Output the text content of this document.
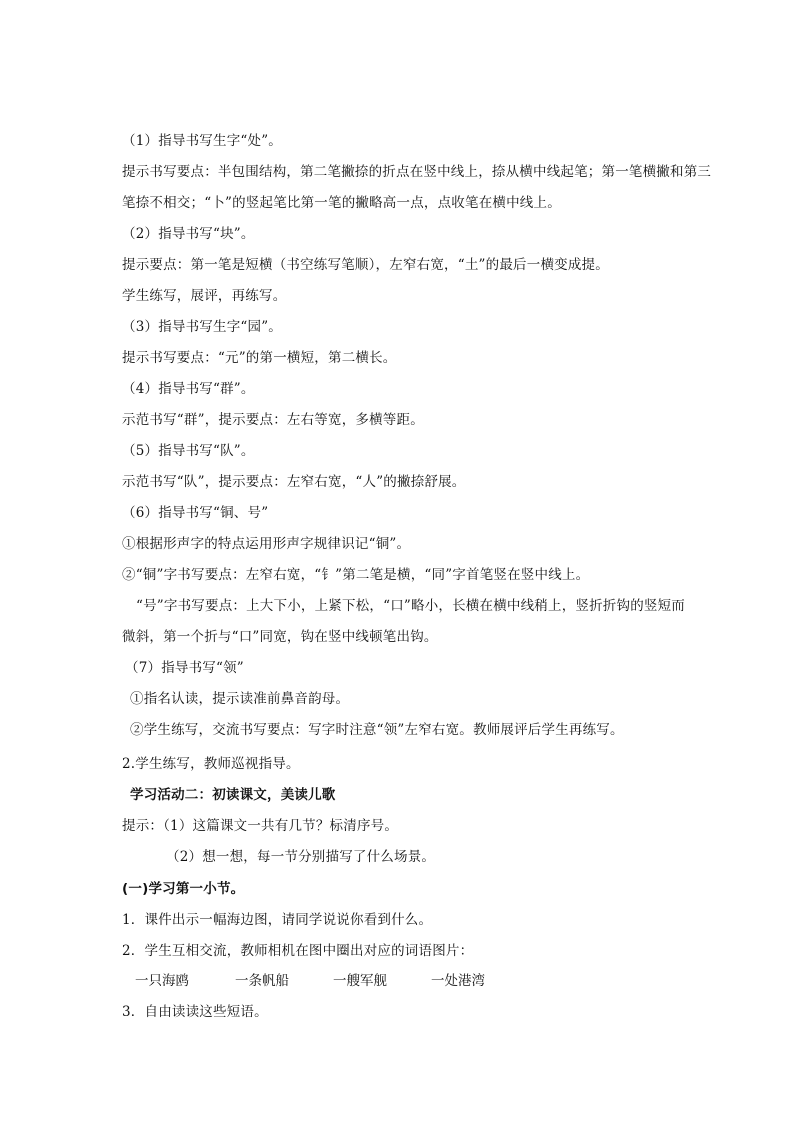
（1）指导书写生字“处”。
提示书写要点：半包围结构，第二笔撇捺的折点在竖中线上，捺从横中线起笔；第一笔横撇和第三
笔捺不相交；“卜”的竖起笔比第一笔的撇略高一点，点收笔在横中线上。
（2）指导书写“块”。
提示要点：第一笔是短横（书空练写笔顺），左窄右宽，“土”的最后一横变成提。
学生练写，展评，再练写。
（3）指导书写生字“园”。
提示书写要点：“元”的第一横短，第二横长。
（4）指导书写“群”。
示范书写“群”，提示要点：左右等宽，多横等距。
（5）指导书写“队”。
示范书写“队”，提示要点：左窄右宽，“人”的撇捺舒展。
（6）指导书写“铜、号”
①根据形声字的特点运用形声字规律识记“铜”。
②“铜”字书写要点：左窄右宽，“钅”第二笔是横，“同”字首笔竖在竖中线上。
“号”字书写要点：上大下小，上紧下松，“口”略小，长横在横中线稍上，竖折折钩的竖短而
微斜，第一个折与“口”同宽，钩在竖中线顿笔出钩。
（7）指导书写“领”
①指名认读，提示读准前鼻音韵母。
②学生练写，交流书写要点：写字时注意“领”左窄右宽。教师展评后学生再练写。
2.学生练写，教师巡视指导。
学习活动二：初读课文，美读儿歌
提示：（1）这篇课文一共有几节？标清序号。
（2）想一想，每一节分别描写了什么场景。
(一)学习第一小节。
1．课件出示一幅海边图，请同学说说你看到什么。
2．学生互相交流，教师相机在图中圈出对应的词语图片：
一只海鸥	一条帆船	一艘军舰	一处港湾
3．自由读读这些短语。
